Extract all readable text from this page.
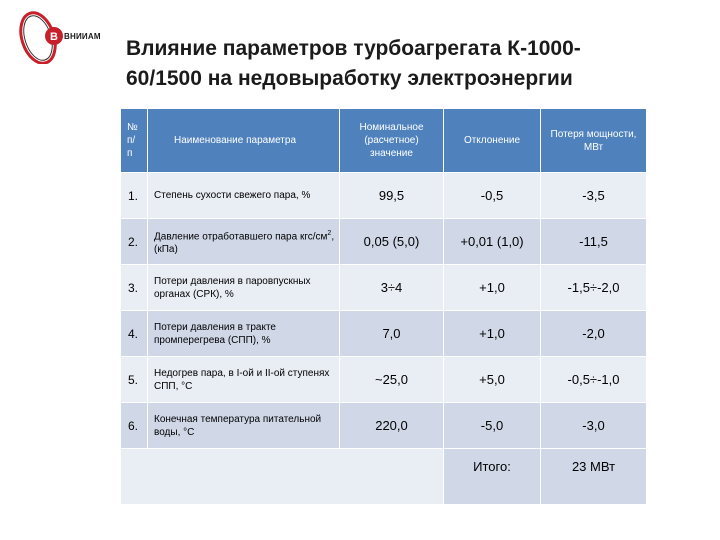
В ВНИИАМ
Влияние параметров турбоагрегата К-1000-
60/1500 на недовыработку электроэнергии
№ п/ п	Наименование параметра	Номинальное (расчетное) значение	Отклонение	Потеря мощности, МВт
1.	Степень сухости свежего пара, %	99,5	-0,5	-3,5
2.	Давление отработавшего пара кгс/$см^2$, (кПа)	0,05 (5,0)	+0,01 (1,0)	-11,5
3.	Потери давления в паровпускных органах (СРК), %	3÷4	+1,0	-1,5÷-2,0
4.	Потери давления в тракте промперегрева (СПП), %	7,0	+1,0	-2,0
5.	Недогрев пара, в I-ой и II-ой ступенях СПП, °C	~25,0	+5,0	-0,5÷-1,0
6.	Конечная температура питательной воды, °C	220,0	-5,0	-3,0
			Итого:	23 МВт
